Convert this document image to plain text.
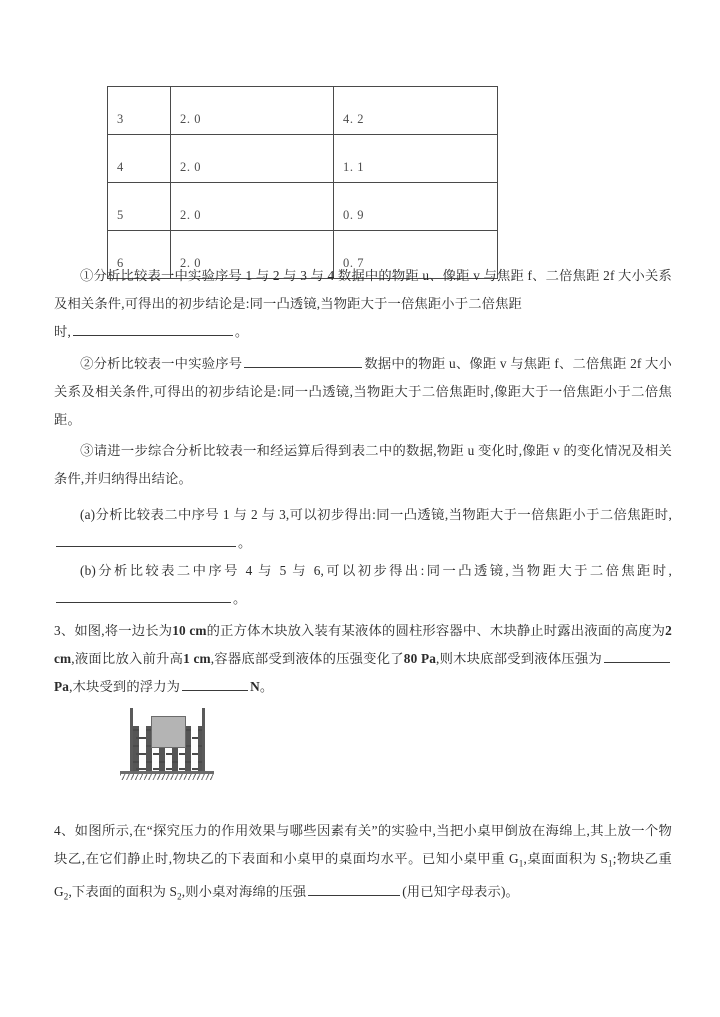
3	2. 0	4. 2
4	2. 0	1. 1
5	2. 0	0. 9
6	2. 0	0. 7
①分析比较表一中实验序号 1 与 2 与 3 与 4 数据中的物距 u、像距 v 与焦距 f、二倍焦距 2f 大小关系及相关条件,可得出的初步结论是:同一凸透镜,当物距大于一倍焦距小于二倍焦距
时,	。
②分析比较表一中实验序号	数据中的物距 u、像距 v 与焦距 f、二倍焦距 2f 大小关系及相关条件,可得出的初步结论是:同一凸透镜,当物距大于二倍焦距时,像距大于一倍焦距小于二倍焦距。
③请进一步综合分析比较表一和经运算后得到表二中的数据,物距 u 变化时,像距 v 的变化情况及相关条件,并归纳得出结论。
(a)分析比较表二中序号 1 与 2 与 3,可以初步得出:同一凸透镜,当物距大于一倍焦距小于二倍焦距时,。
(b)分析比较表二中序号 4 与 5 与 6,可以初步得出:同一凸透镜,当物距大于二倍焦距时,。
3、如图,将一边长为10 cm的正方体木块放入装有某液体的圆柱形容器中、木块静止时露出液面的高度为2 cm,液面比放入前升高1 cm,容器底部受到液体的压强变化了80 Pa,则木块底部受到液体压强为Pa,木块受到的浮力为	N。
4、如图所示,在“探究压力的作用效果与哪些因素有关”的实验中,当把小桌甲倒放在海绵上,其上放一个物块乙,在它们静止时,物块乙的下表面和小桌甲的桌面均水平。已知小桌甲重 $G_1$,桌面面积为 $S_1$;物块乙重 $G_2$,下表面的面积为 $S_2$,则小桌对海绵的压强	(用已知字母表示)。
